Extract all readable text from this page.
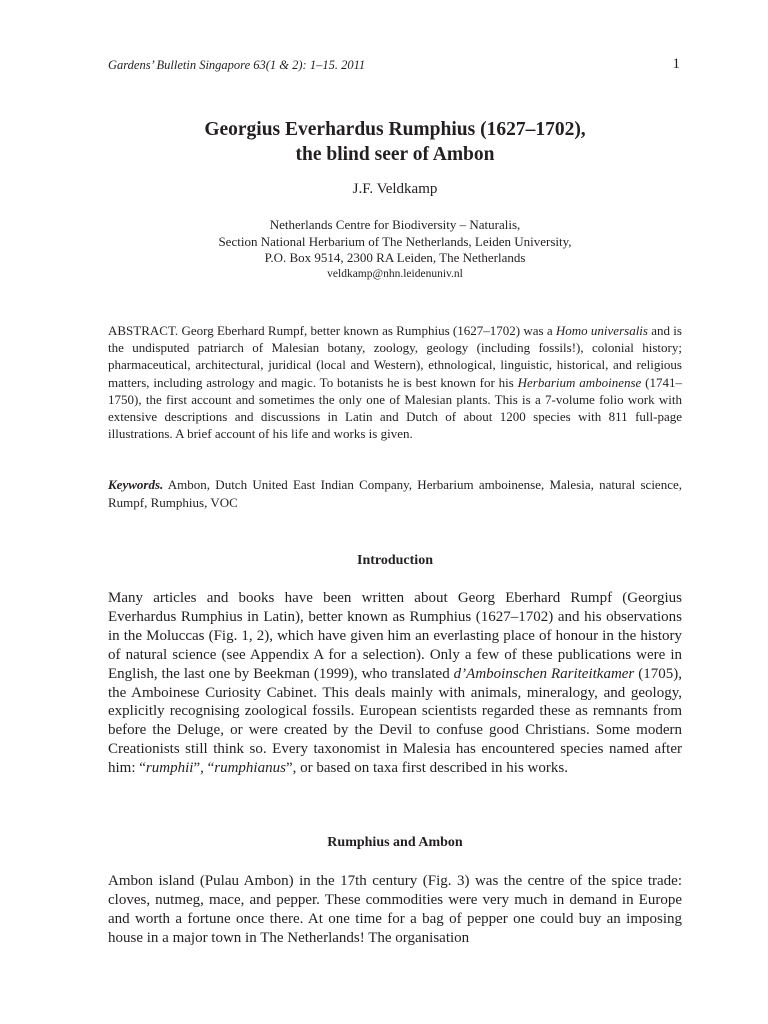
Gardens’ Bulletin Singapore 63(1 & 2): 1–15. 2011	1
Georgius Everhardus Rumphius (1627–1702),
the blind seer of Ambon
J.F. Veldkamp
Netherlands Centre for Biodiversity – Naturalis,
Section National Herbarium of The Netherlands, Leiden University,
P.O. Box 9514, 2300 RA Leiden, The Netherlands
veldkamp@nhn.leidenuniv.nl

ABSTRACT. Georg Eberhard Rumpf, better known as Rumphius (1627–1702) was a Homo universalis and is the undisputed patriarch of Malesian botany, zoology, geology (including fossils!), colonial history; pharmaceutical, architectural, juridical (local and Western), ethnological, linguistic, historical, and religious matters, including astrology and magic. To botanists he is best known for his Herbarium amboinense (1741–1750), the first account and sometimes the only one of Malesian plants. This is a 7-volume folio work with extensive descriptions and discussions in Latin and Dutch of about 1200 species with 811 full-page illustrations. A brief account of his life and works is given.

Keywords. Ambon, Dutch United East Indian Company, Herbarium amboinense, Malesia, natural science, Rumpf, Rumphius, VOC

Introduction

Many articles and books have been written about Georg Eberhard Rumpf (Georgius Everhardus Rumphius in Latin), better known as Rumphius (1627–1702) and his observations in the Moluccas (Fig. 1, 2), which have given him an everlasting place of honour in the history of natural science (see Appendix A for a selection). Only a few of these publications were in English, the last one by Beekman (1999), who translated d’Amboinschen Rariteitkamer (1705), the Amboinese Curiosity Cabinet. This deals mainly with animals, mineralogy, and geology, explicitly recognising zoological fossils. European scientists regarded these as remnants from before the Deluge, or were created by the Devil to confuse good Christians. Some modern Creationists still think so. Every taxonomist in Malesia has encountered species named after him: “rumphii”, “rumphianus”, or based on taxa first described in his works.

Rumphius and Ambon

Ambon island (Pulau Ambon) in the 17th century (Fig. 3) was the centre of the spice trade: cloves, nutmeg, mace, and pepper. These commodities were very much in demand in Europe and worth a fortune once there. At one time for a bag of pepper one could buy an imposing house in a major town in The Netherlands! The organisation
